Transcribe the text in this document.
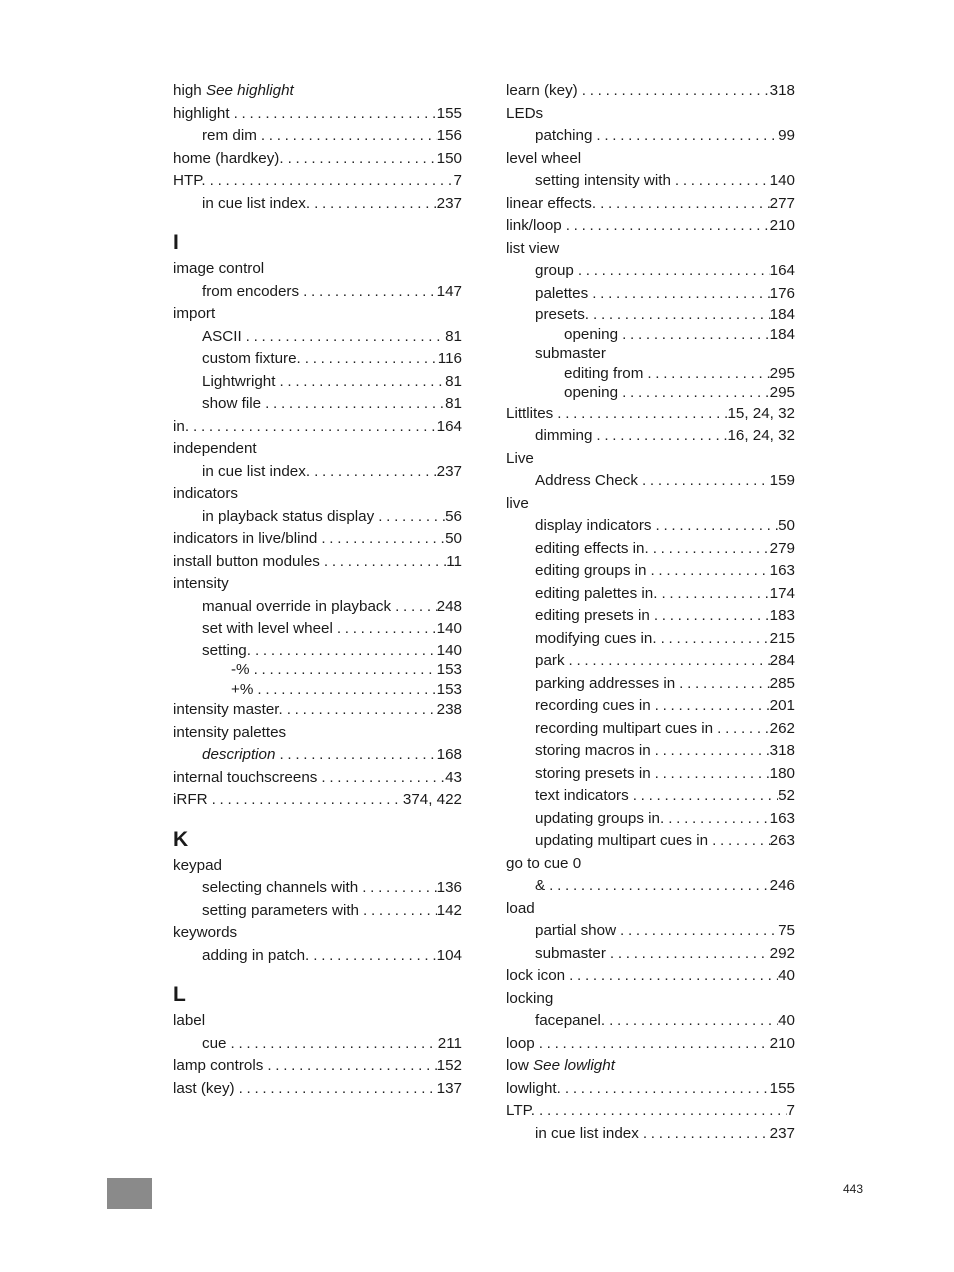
high See highlight
highlight . . .	155
rem dim . . .	156
home (hardkey). . . .	150
HTP. . . .	7
in cue list index. . . .	237
I
image control
from encoders . . .	147
import
ASCII . . .	81
custom fixture. . . .	116
Lightwright . . .	81
show file . . .	81
in. . . .	164
independent
in cue list index. . . .	237
indicators
in playback status display . . .	56
indicators in live/blind . . .	50
install button modules . . .	11
intensity
manual override in playback . . .	248
set with level wheel . . .	140
setting. . . .	140
-% . . .	153
+% . . .	153
intensity master. . . .	238
intensity palettes
description . . .	168
internal touchscreens . . .	43
iRFR . . .	374, 422
K
keypad
selecting channels with . . .	136
setting parameters with . . .	142
keywords
adding in patch. . . .	104
L
label
cue . . .	211
lamp controls . . .	152
last (key) . . .	137
learn (key) . . .	318
LEDs
patching . . .	99
level wheel
setting intensity with . . .	140
linear effects. . . .	277
link/loop . . .	210
list view
group . . .	164
palettes . . .	176
presets. . . .	184
opening . . .	184
submaster
editing from . . .	295
opening . . .	295
Littlites . . .	15, 24, 32
dimming . . .	16, 24, 32
Live
Address Check . . .	159
live
display indicators . . .	50
editing effects in. . . .	279
editing groups in . . .	163
editing palettes in. . . .	174
editing presets in . . .	183
modifying cues in. . . .	215
park . . .	284
parking addresses in . . .	285
recording cues in . . .	201
recording multipart cues in . . .	262
storing macros in . . .	318
storing presets in . . .	180
text indicators . . .	52
updating groups in. . . .	163
updating multipart cues in . . .	263
go to cue 0
& . . .	246
load
partial show . . .	75
submaster . . .	292
lock icon . . .	40
locking
facepanel. . . .	40
loop . . .	210
low See lowlight
lowlight. . . .	155
LTP. . . .	7
in cue list index . . .	237
443
